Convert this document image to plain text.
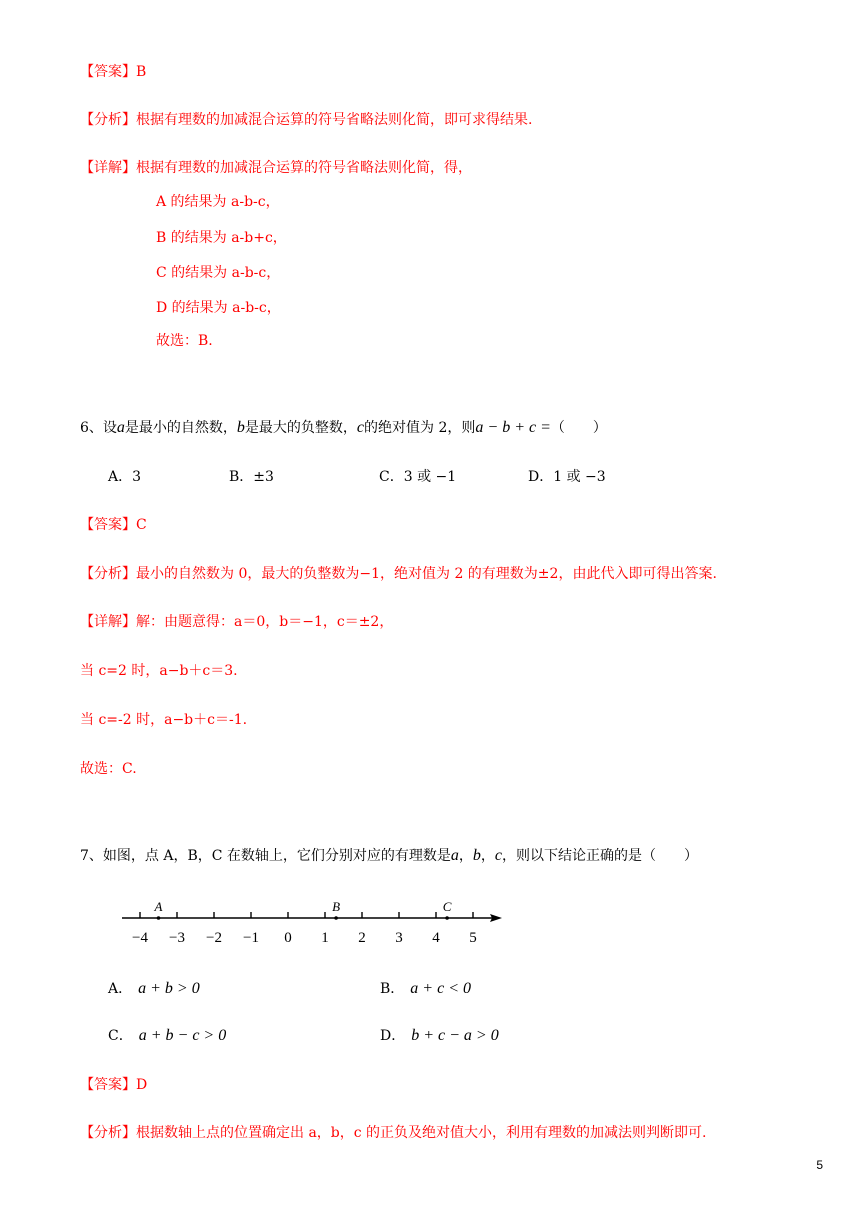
【答案】B
【分析】根据有理数的加减混合运算的符号省略法则化简，即可求得结果.
【详解】根据有理数的加减混合运算的符号省略法则化简，得，
A 的结果为 a-b-c，
B 的结果为 a-b+c，
C 的结果为 a-b-c，
D 的结果为 a-b-c，
故选：B.
6、设a是最小的自然数，b是最大的负整数，c的绝对值为 2，则a − b + c =（　　）
A．3	B．±3	C．3 或 −1	D．1 或 −3
【答案】C
【分析】最小的自然数为 0，最大的负整数为−1，绝对值为 2 的有理数为±2，由此代入即可得出答案.
【详解】解：由题意得：a＝0，b＝−1，c＝±2，
当 c=2 时，a−b＋c＝3.
当 c=-2 时，a−b＋c＝-1.
故选：C.
7、如图，点 A，B，C 在数轴上，它们分别对应的有理数是a，b，c，则以下结论正确的是（　　）
−4 −3 −2 −1 0 1 2 3 4 5
A	B	C
A． a + b > 0	B． a + c < 0
C． a + b − c > 0	D． b + c − a > 0
【答案】D
【分析】根据数轴上点的位置确定出 a，b，c 的正负及绝对值大小，利用有理数的加减法则判断即可.
5
